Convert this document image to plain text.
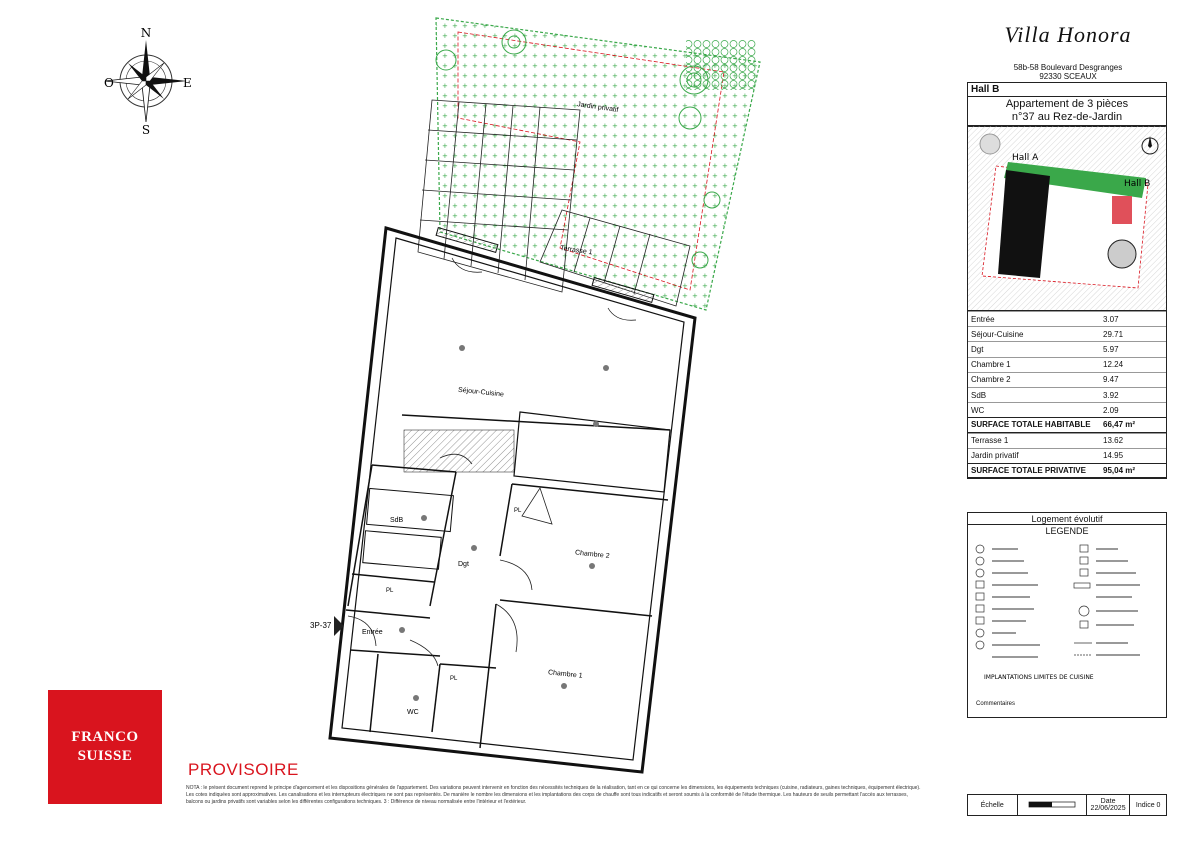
N
S
E
O
Jardin privatif
Terrasse 1
Séjour-Cuisine
Chambre 2
Chambre 1
SdB
Dgt
Entrée
WC
PL
PL
PL
3P-37
Villa Honora
58b-58 Boulevard Desgranges
92330 SCEAUX
Hall B
Appartement de 3 pièces
n°37 au Rez-de-Jardin
Hall A
Hall B
Entrée	3.07
Séjour-Cuisine	29.71
Dgt	5.97
Chambre 1	12.24
Chambre 2	9.47
SdB	3.92
WC	2.09
SURFACE TOTALE HABITABLE	66,47 m²
Terrasse 1	13.62
Jardin privatif	14.95
SURFACE TOTALE PRIVATIVE	95,04 m²
Logement évolutif
LEGENDE
IMPLANTATIONS LIMITES DE CUISINE
Commentaires
Échelle	Date
22/06/2025	Indice 0
FRANCO
SUISSE
PROVISOIRE
NOTA : le présent document reprend le principe d'agencement et les dispositions générales de l'appartement. Des variations peuvent intervenir en fonction des nécessités techniques de la réalisation, tant en ce qui concerne les dimensions, les équipements techniques (cuisine, radiateurs, gaines techniques, équipement électrique). Les cotes indiquées sont approximatives. Les canalisations et les interrupteurs électriques ne sont pas représentés. De manière le nombre les dimensions et les implantations des corps de chauffe sont tous indicatifs et seront soumis à la conformité de l'étude thermique. Les hauteurs de seuils permettant l'accès aux terrasses, balcons ou jardins privatifs sont variables selon les différentes configurations techniques. 3 : Différence de niveau normalisée entre l'intérieur et l'extérieur.
